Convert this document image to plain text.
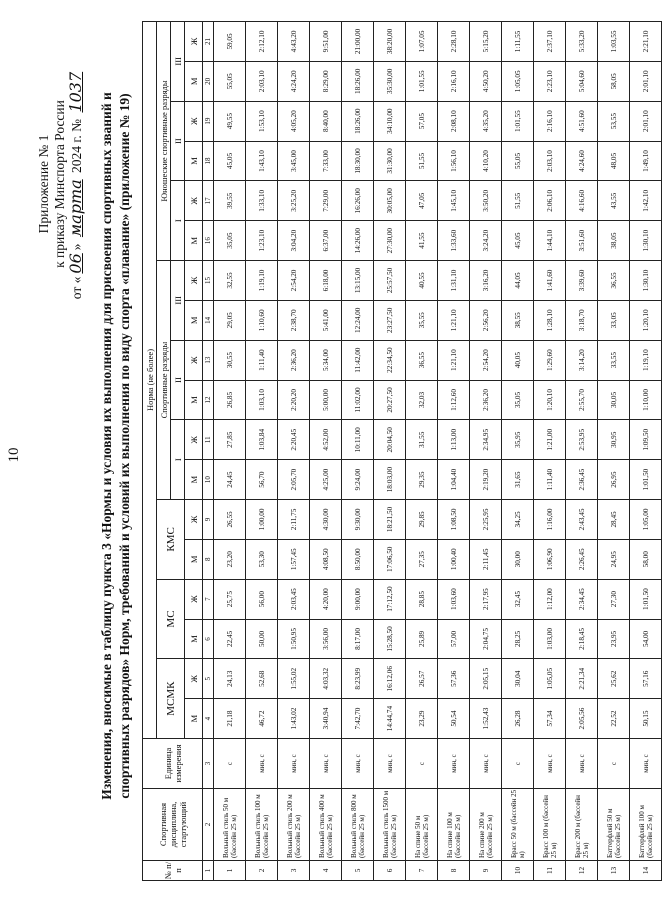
10
Приложение № 1 к приказу Минспорта России
от «06» марта 2024 г. № 1037
Изменения, вносимые в таблицу пункта 3 «Нормы и условия их выполнения для присвоения спортивных званий и спортивных разрядов» Норм, требований и условий их выполнения по виду спорта «плавание» (приложение № 19)
№ п/п	Спортивная дисциплина, стартующий	Единица измерения	Норма (не более)																	
			МСМК		МС		КМС		Спортивные разряды						Юношеские спортивные разряды					
									I		II		III		I		II		III	
			М	Ж	М	Ж	М	Ж	М	Ж	М	Ж	М	Ж	М	Ж	М	Ж	М	Ж
1	2	3	4	5	6	7	8	9	10	11	12	13	14	15	16	17	18	19	20	21
1	Вольный стиль 50 м (бассейн 25 м)	с	21,18	24,13	22,45	25,75	23,20	26,55	24,45	27,85	26,85	30,55	29,05	32,55	35,05	39,55	45,05	49,55	55,05	59,05
2	Вольный стиль 100 м (бассейн 25 м)	мин, с	46,72	52,68	50,00	56,00	53,30	1:00,00	56,70	1:03,84	1:03,10	1:11,40	1:10,60	1:19,10	1:23,10	1:33,10	1:43,10	1:53,10	2:03,10	2:12,10
3	Вольный стиль 200 м (бассейн 25 м)	мин, с	1:43,02	1:55,02	1:50,95	2:03,45	1:57,45	2:11,75	2:05,70	2:20,45	2:20,20	2:36,20	2:38,70	2:54,20	3:04,20	3:25,20	3:45,00	4:05,20	4:24,20	4:43,20
4	Вольный стиль 400 м (бассейн 25 м)	мин, с	3:40,94	4:03,32	3:56,00	4:20,00	4:08,50	4:30,00	4:25,00	4:52,00	5:00,00	5:34,00	5:41,00	6:18,00	6:37,00	7:29,00	7:33,00	8:40,00	8:29,00	9:51,00
5	Вольный стиль 800 м (бассейн 25 м)	мин, с	7:42,70	8:23,99	8:17,00	9:00,00	8:50,00	9:30,00	9:24,00	10:11,00	11:02,00	11:42,00	12:24,00	13:15,00	14:26,00	16:26,00	18:30,00	18:26,00	18:26,00	21:00,00
6	Вольный стиль 1500 м (бассейн 25 м)	мин, с	14:44,74	16:12,06	15:28,50	17:12,50	17:06,50	18:21,50	18:03,00	20:04,50	20:27,50	22:34,50	23:27,50	25:57,50	27:30,00	30:05,00	31:30,00	34:10,00	35:30,00	38:20,00
7	На спине 50 м (бассейн 25 м)	с	23,29	26,57	25,89	28,85	27,35	29,85	29,35	31,55	32,03	36,55	35,55	40,55	41,55	47,05	51,55	57,05	1:01,55	1:07,05
8	На спине 100 м (бассейн 25 м)	мин, с	50,54	57,36	57,00	1:03,60	1:00,40	1:08,50	1:04,40	1:13,00	1:12,60	1:21,10	1:21,10	1:31,10	1:33,60	1:45,10	1:56,10	2:08,10	2:16,10	2:28,10
9	На спине 200 м (бассейн 25 м)	мин, с	1:52,43	2:05,15	2:04,75	2:17,95	2:11,45	2:25,95	2:19,20	2:34,95	2:36,20	2:54,20	2:56,20	3:16,20	3:24,20	3:50,20	4:10,20	4:35,20	4:50,20	5:15,20
10	Брасс 50 м (бассейн 25 м)	с	26,28	30,04	28,25	32,45	30,00	34,25	31,65	35,95	35,05	40,05	38,55	44,05	45,05	51,55	55,05	1:01,55	1:05,05	1:11,55
11	Брасс 100 м (бассейн 25 м)	мин, с	57,34	1:05,05	1:03,00	1:12,00	1:06,90	1:16,00	1:11,40	1:21,00	1:20,10	1:29,60	1:28,10	1:41,60	1:44,10	2:06,10	2:03,10	2:16,10	2:23,10	2:37,10
12	Брасс 200 м (бассейн 25 м)	мин, с	2:05,56	2:21,34	2:18,45	2:34,45	2:26,45	2:43,45	2:36,45	2:53,95	2:55,70	3:14,20	3:18,70	3:39,60	3:51,60	4:16,60	4:24,60	4:51,60	5:04,60	5:33,20
13	Баттерфляй 50 м (бассейн 25 м)	с	22,52	25,62	23,95	27,30	24,95	28,45	26,95	30,95	30,05	33,55	33,05	36,55	38,05	43,55	48,05	53,55	58,05	1:03,55
14	Баттерфляй 100 м (бассейн 25 м)	мин, с	50,15	57,16	54,00	1:01,50	58,00	1:05,00	1:01,50	1:09,50	1:10,00	1:19,10	1:20,10	1:30,10	1:30,10	1:42,10	1:49,10	2:01,10	2:01,10	2:21,10
